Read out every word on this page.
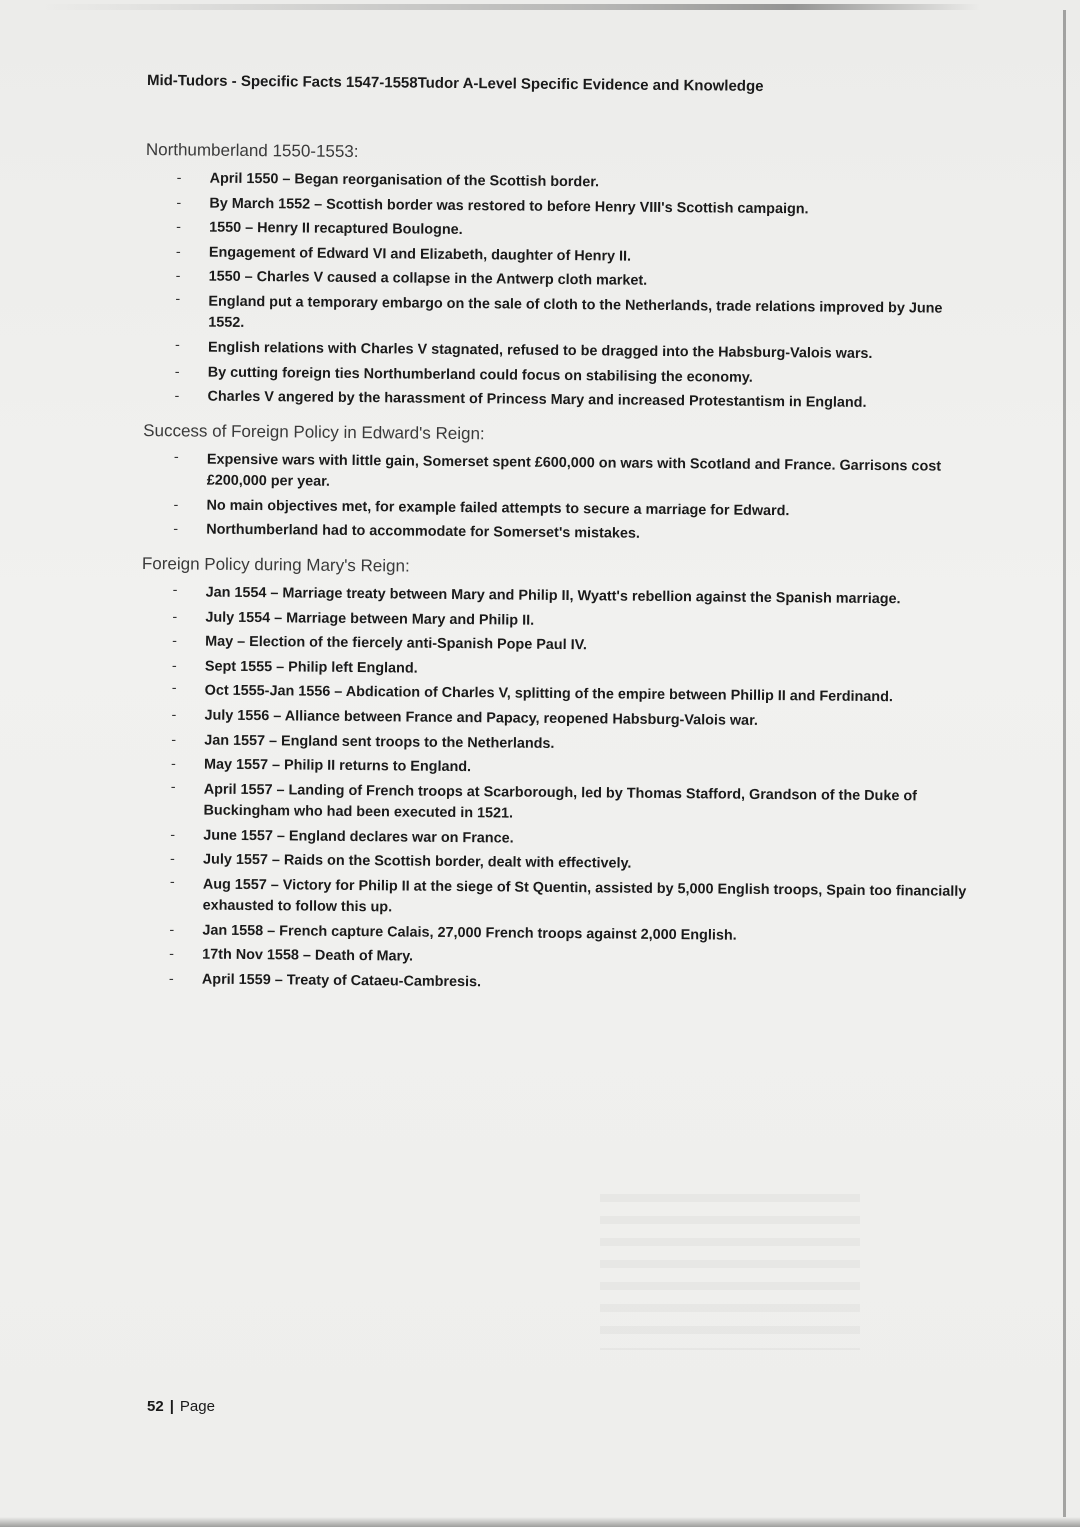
Mid-Tudors - Specific Facts 1547-1558Tudor A-Level Specific Evidence and Knowledge
Northumberland 1550-1553:
- April 1550 – Began reorganisation of the Scottish border.
- By March 1552 – Scottish border was restored to before Henry VIII's Scottish campaign.
- 1550 – Henry II recaptured Boulogne.
- Engagement of Edward VI and Elizabeth, daughter of Henry II.
- 1550 – Charles V caused a collapse in the Antwerp cloth market.
- England put a temporary embargo on the sale of cloth to the Netherlands, trade relations improved by June 1552.
- English relations with Charles V stagnated, refused to be dragged into the Habsburg-Valois wars.
- By cutting foreign ties Northumberland could focus on stabilising the economy.
- Charles V angered by the harassment of Princess Mary and increased Protestantism in England.
Success of Foreign Policy in Edward's Reign:
- Expensive wars with little gain, Somerset spent £600,000 on wars with Scotland and France. Garrisons cost £200,000 per year.
- No main objectives met, for example failed attempts to secure a marriage for Edward.
- Northumberland had to accommodate for Somerset's mistakes.
Foreign Policy during Mary's Reign:
- Jan 1554 – Marriage treaty between Mary and Philip II, Wyatt's rebellion against the Spanish marriage.
- July 1554 – Marriage between Mary and Philip II.
- May – Election of the fiercely anti-Spanish Pope Paul IV.
- Sept 1555 – Philip left England.
- Oct 1555-Jan 1556 – Abdication of Charles V, splitting of the empire between Phillip II and Ferdinand.
- July 1556 – Alliance between France and Papacy, reopened Habsburg-Valois war.
- Jan 1557 – England sent troops to the Netherlands.
- May 1557 – Philip II returns to England.
- April 1557 – Landing of French troops at Scarborough, led by Thomas Stafford, Grandson of the Duke of Buckingham who had been executed in 1521.
- June 1557 – England declares war on France.
- July 1557 – Raids on the Scottish border, dealt with effectively.
- Aug 1557 – Victory for Philip II at the siege of St Quentin, assisted by 5,000 English troops, Spain too financially exhausted to follow this up.
- Jan 1558 – French capture Calais, 27,000 French troops against 2,000 English.
- 17th Nov 1558 – Death of Mary.
- April 1559 – Treaty of Cataeu-Cambresis.
52 | Page
